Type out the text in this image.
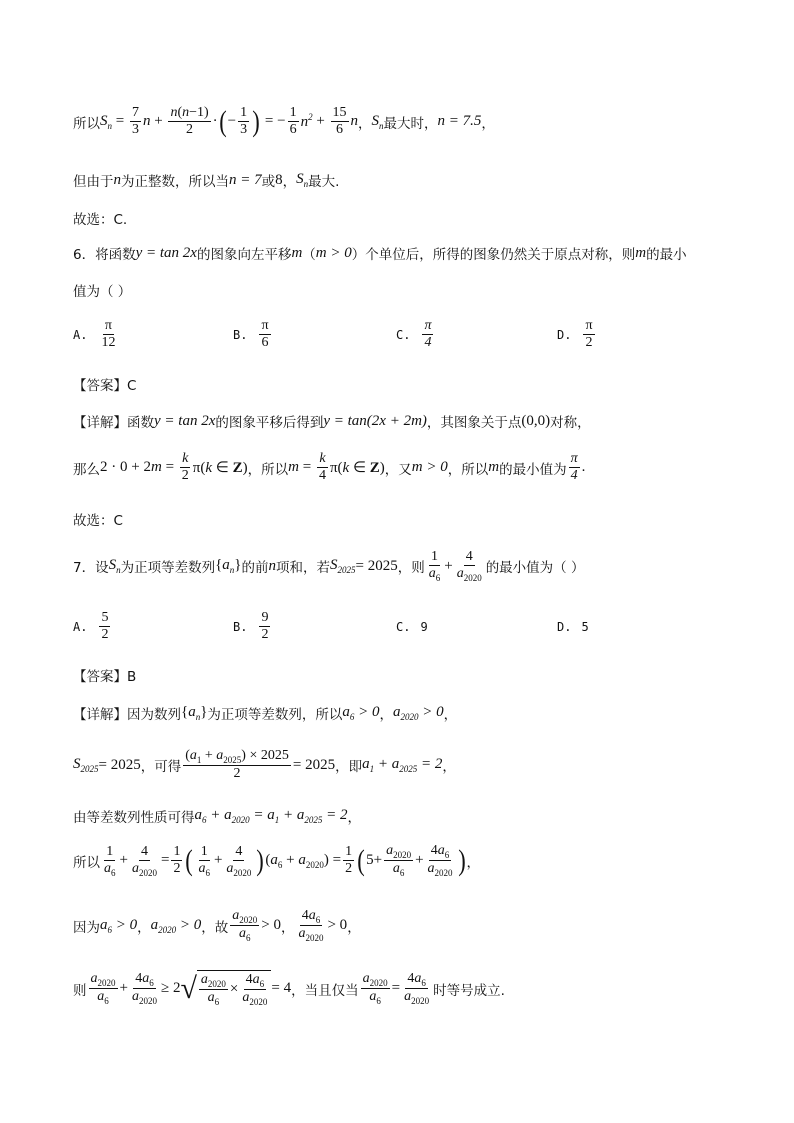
所以 $S_n = \frac{7}{3}$ $n + \frac{n(n-1)}{2}$ · ( − $\frac{1}{3}$ ) = − $\frac{1}{6} n^2 + \frac{15}{6}$ n ， $S_n$ 最大时， n = 7.5 ，
但由于 n 为正整数，所以当 n = 7 或 8 ， $S_n$ 最大.
故选：C.
6．将函数 y = tan 2x 的图象向左平移 m （ m > 0 ）个单位后，所得的图象仍然关于原点对称，则 m 的最小
值为（ ）
A. $\frac{\pi}{12}$	B. $\frac{\pi}{6}$	C. $\frac{\pi}{4}$	D. $\frac{\pi}{2}$
【答案】C
【详解】函数 y = tan 2x 的图象平移后得到 y = tan(2x + 2m) ，其图象关于点 (0,0) 对称，
那么 $2 \cdot 0 + 2m = \frac{k}{2} \pi(k$ ∈ Z) ，所以 $m = \frac{k}{4} \pi(k$ ∈ Z) ，又 m > 0 ，所以 m 的最小值为 $\frac{\pi}{4}$ .
故选：C
7．设 $S_n$ 为正项等差数列 $\{a_n\}$ 的前 n 项和，若 $S_{2025} = 2025$ ，则 $\frac{1}{a_6} + \frac{4}{a_{2020}}$ 的最小值为（ ）
A. $\frac{5}{2}$	B. $\frac{9}{2}$	C. 9	D. 5
【答案】B
【详解】因为数列 $\{a_n\}$ 为正项等差数列，所以 $a_6 > 0$ ， $a_{2020} > 0$ ，
$S_{2025} = 2025$ ，可得 $\frac{(a_1 + a_{2025}) \times 2025}{2} = 2025$ ，即 $a_1 + a_{2025} = 2$ ，
由等差数列性质可得 $a_6 + a_{2020} = a_1 + a_{2025} = 2$ ，
所以 $\frac{1}{a_6} + \frac{4}{a_{2020}} = \frac{1}{2}$ ( $\frac{1}{a_6} + \frac{4}{a_{2020}}$ ) $(a_6 + a_{2020}) = \frac{1}{2}$ ( $5+ \frac{a_{2020}}{a_6} + \frac{4a_6}{a_{2020}}$ ) ，
因为 $a_6 > 0$ ， $a_{2020} > 0$ ，故 $\frac{a_{2020}}{a_6} > 0$ ， $\frac{4a_6}{a_{2020}} > 0$ ，
则 $\frac{a_{2020}}{a_6} + \frac{4a_6}{a_{2020}} \ge 2$ √ $\frac{a_{2020}}{a_6} \times \frac{4a_6}{a_{2020}} = 4$ ，当且仅当 $\frac{a_{2020}}{a_6} = \frac{4a_6}{a_{2020}}$ 时等号成立.
